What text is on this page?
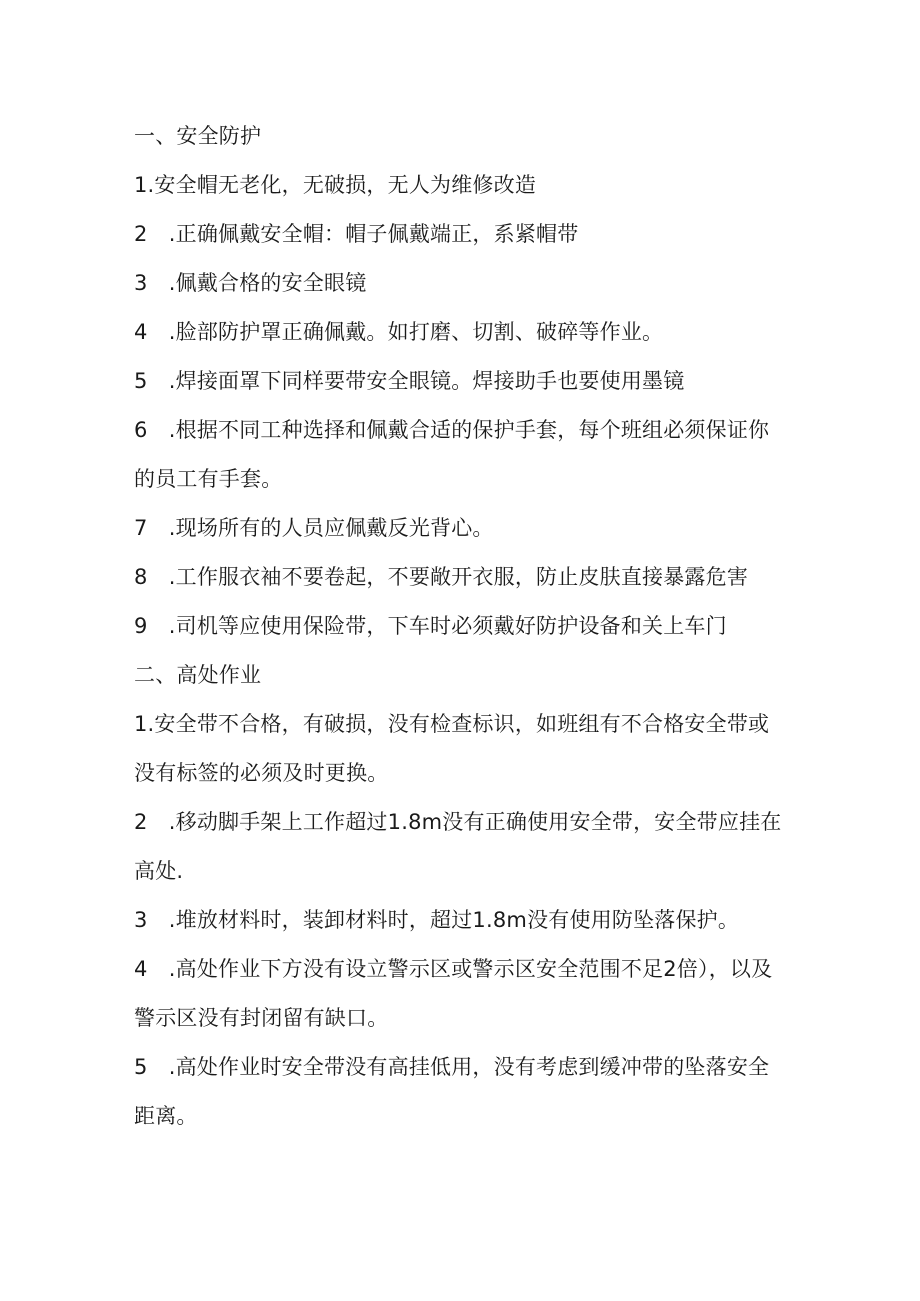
一、安全防护
1.安全帽无老化，无破损，无人为维修改造
2　.正确佩戴安全帽：帽子佩戴端正，系紧帽带
3　.佩戴合格的安全眼镜
4　.脸部防护罩正确佩戴。如打磨、切割、破碎等作业。
5　.焊接面罩下同样要带安全眼镜。焊接助手也要使用墨镜
6　.根据不同工种选择和佩戴合适的保护手套，每个班组必须保证你
的员工有手套。
7　.现场所有的人员应佩戴反光背心。
8　.工作服衣袖不要卷起，不要敞开衣服，防止皮肤直接暴露危害
9　.司机等应使用保险带，下车时必须戴好防护设备和关上车门
二、高处作业
1.安全带不合格，有破损，没有检查标识，如班组有不合格安全带或
没有标签的必须及时更换。
2　.移动脚手架上工作超过1.8m没有正确使用安全带，安全带应挂在
高处.
3　.堆放材料时，装卸材料时，超过1.8m没有使用防坠落保护。
4　.高处作业下方没有设立警示区或警示区安全范围不足2倍），以及
警示区没有封闭留有缺口。
5　.高处作业时安全带没有高挂低用，没有考虑到缓冲带的坠落安全
距离。
